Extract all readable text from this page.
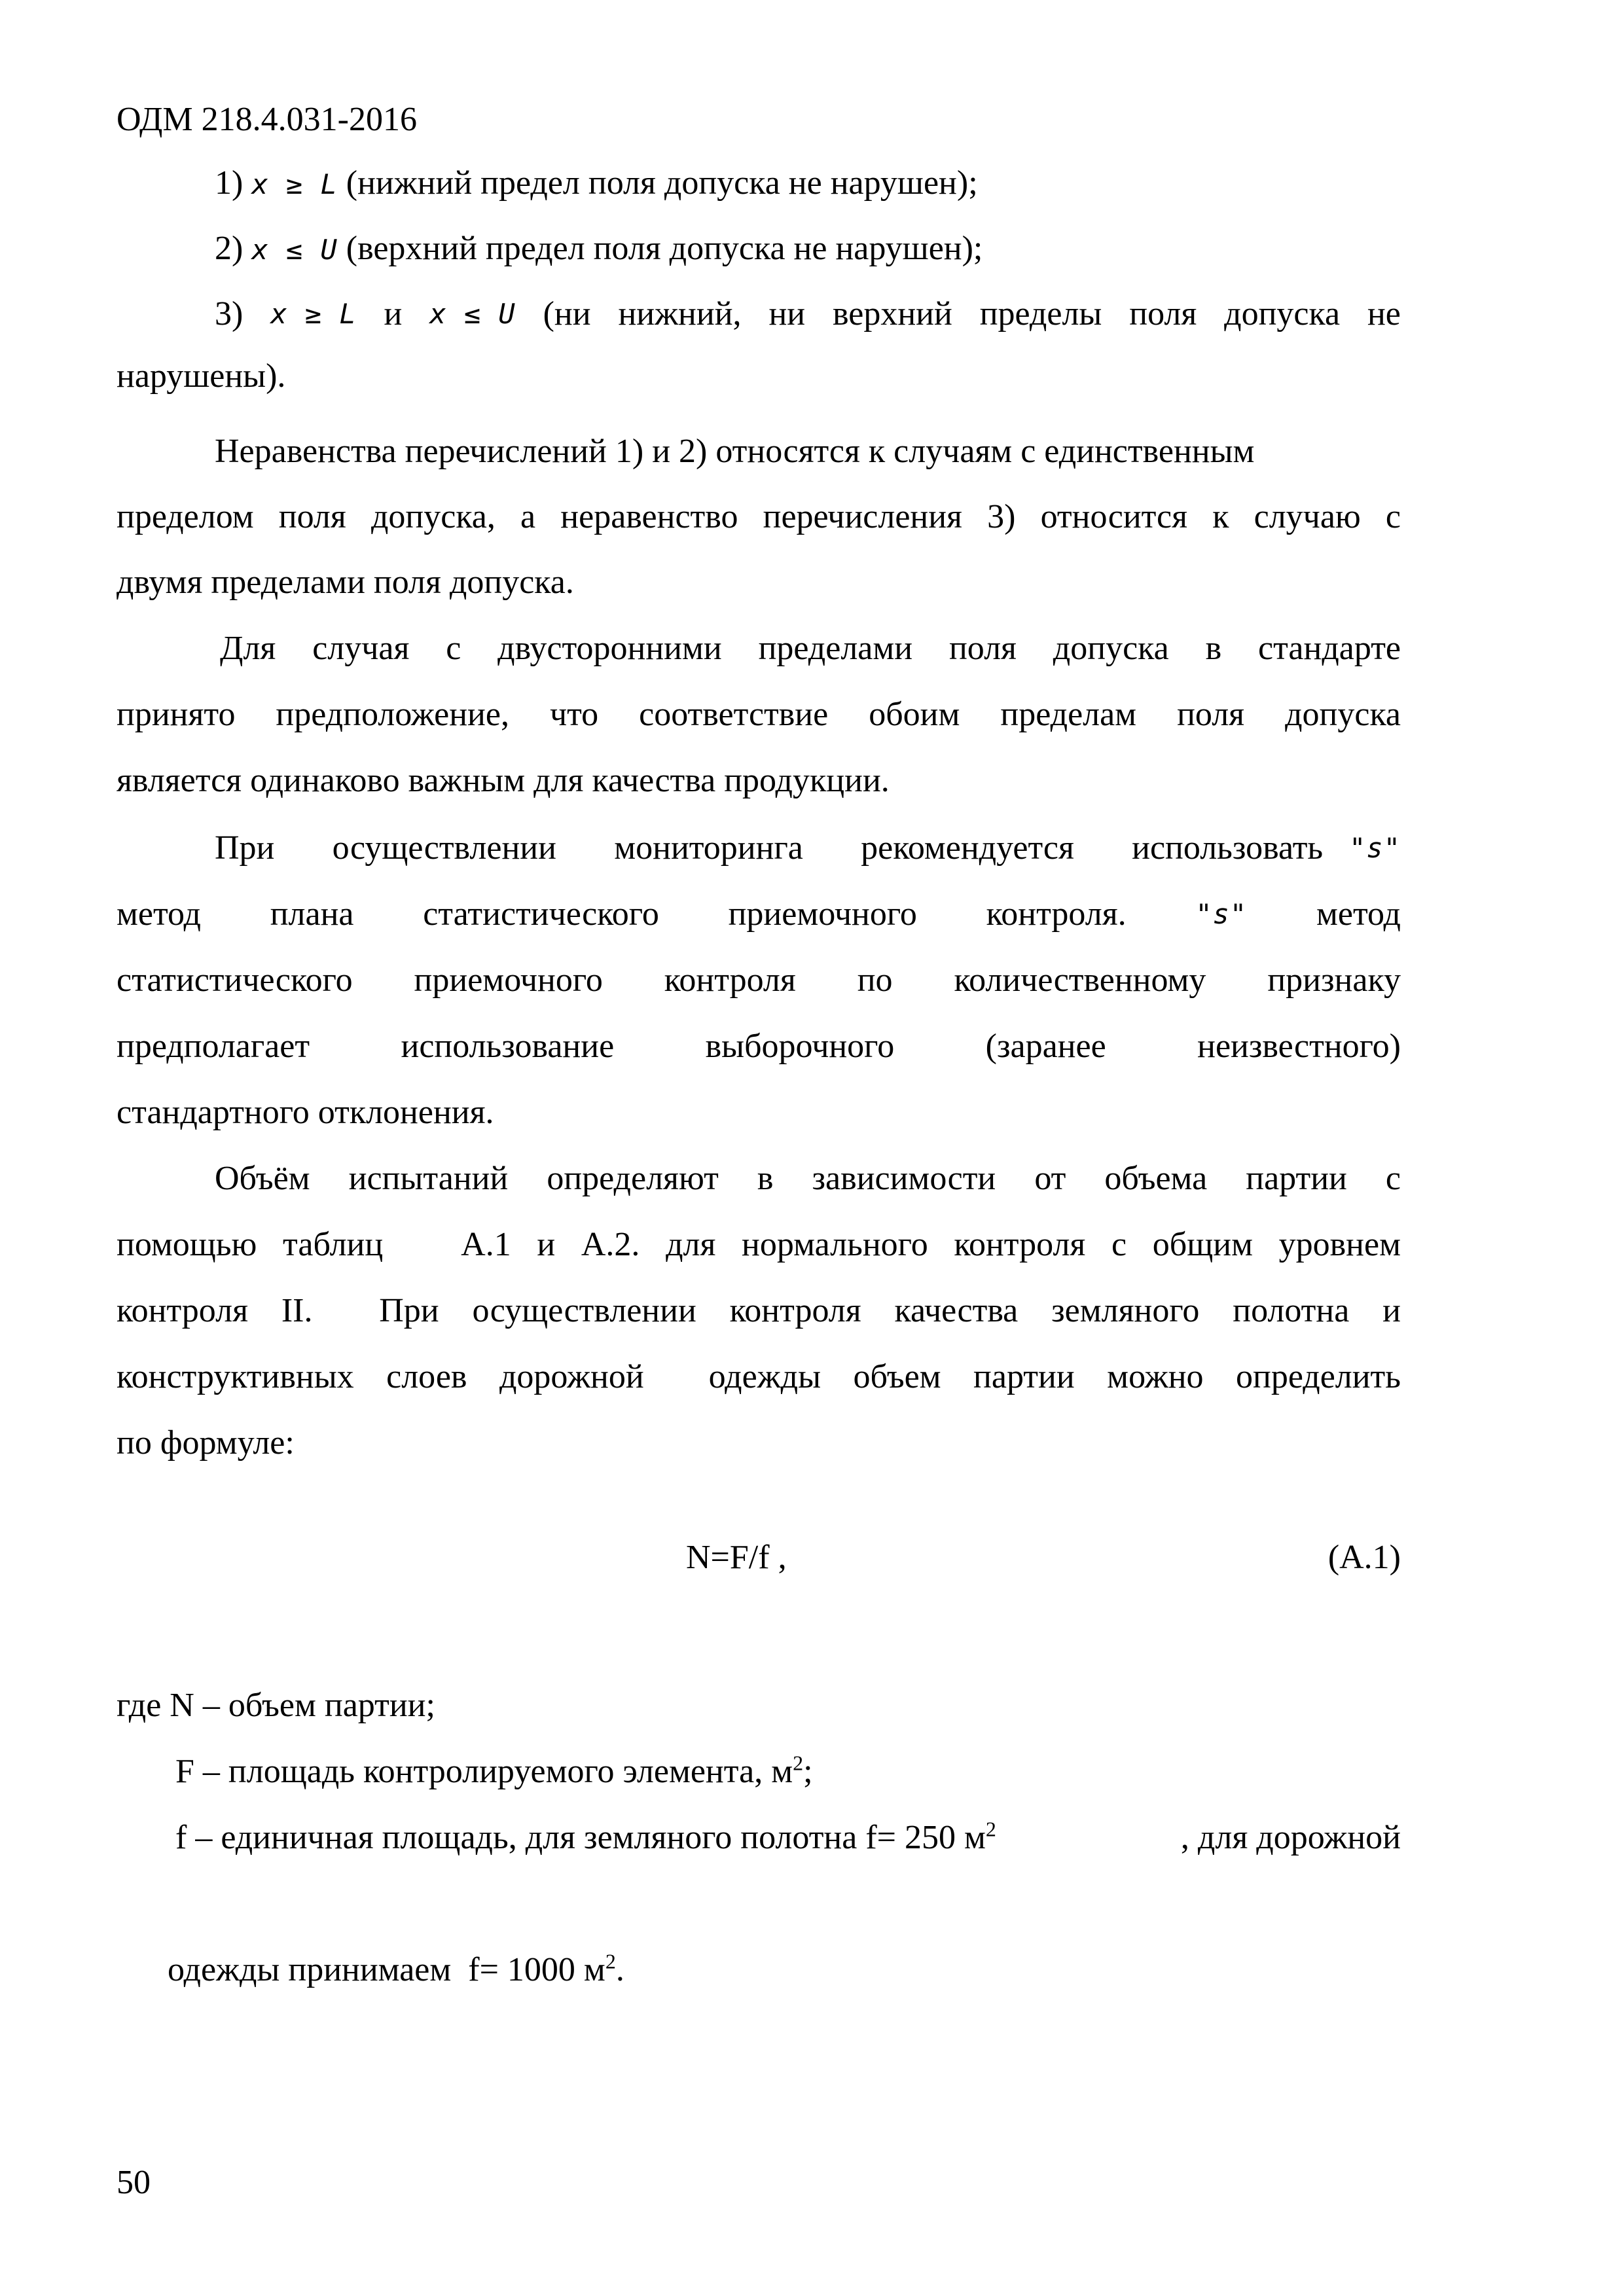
ОДМ 218.4.031-2016
1) x ≥ L (нижний предел поля допуска не нарушен);
2) x ≤ U (верхний предел поля допуска не нарушен);
3) x ≥ L и x ≤ U (ни нижний, ни верхний пределы поля допуска не
нарушены).
Неравенства перечислений 1) и 2) относятся к случаям с единственным
пределом поля допуска, а неравенство перечисления 3) относится к случаю с
двумя пределами поля допуска.
Для случая с двусторонними пределами поля допуска в стандарте
принято предположение, что соответствие обоим пределам поля допуска
является одинаково важным для качества продукции.
При осуществлении мониторинга рекомендуется использовать "s"
метод плана статистического приемочного контроля.	"s" метод
статистического приемочного контроля по количественному признаку
предполагает использование выборочного (заранее неизвестного)
стандартного отклонения.
Объём испытаний определяют в зависимости от объема партии с
помощью таблиц   А.1 и А.2. для нормального контроля с общим уровнем
контроля II.  При осуществлении контроля качества земляного полотна и
конструктивных слоев дорожной  одежды объем партии можно определить
по формуле:
N=F/f ,	(А.1)
где N – объем партии;
F – площадь контролируемого элемента, $м^2$;
f – единичная площадь, для земляного полотна f= 250 $м^2$	, для дорожной

одежды принимаем  f= 1000 $м^2$.

50
